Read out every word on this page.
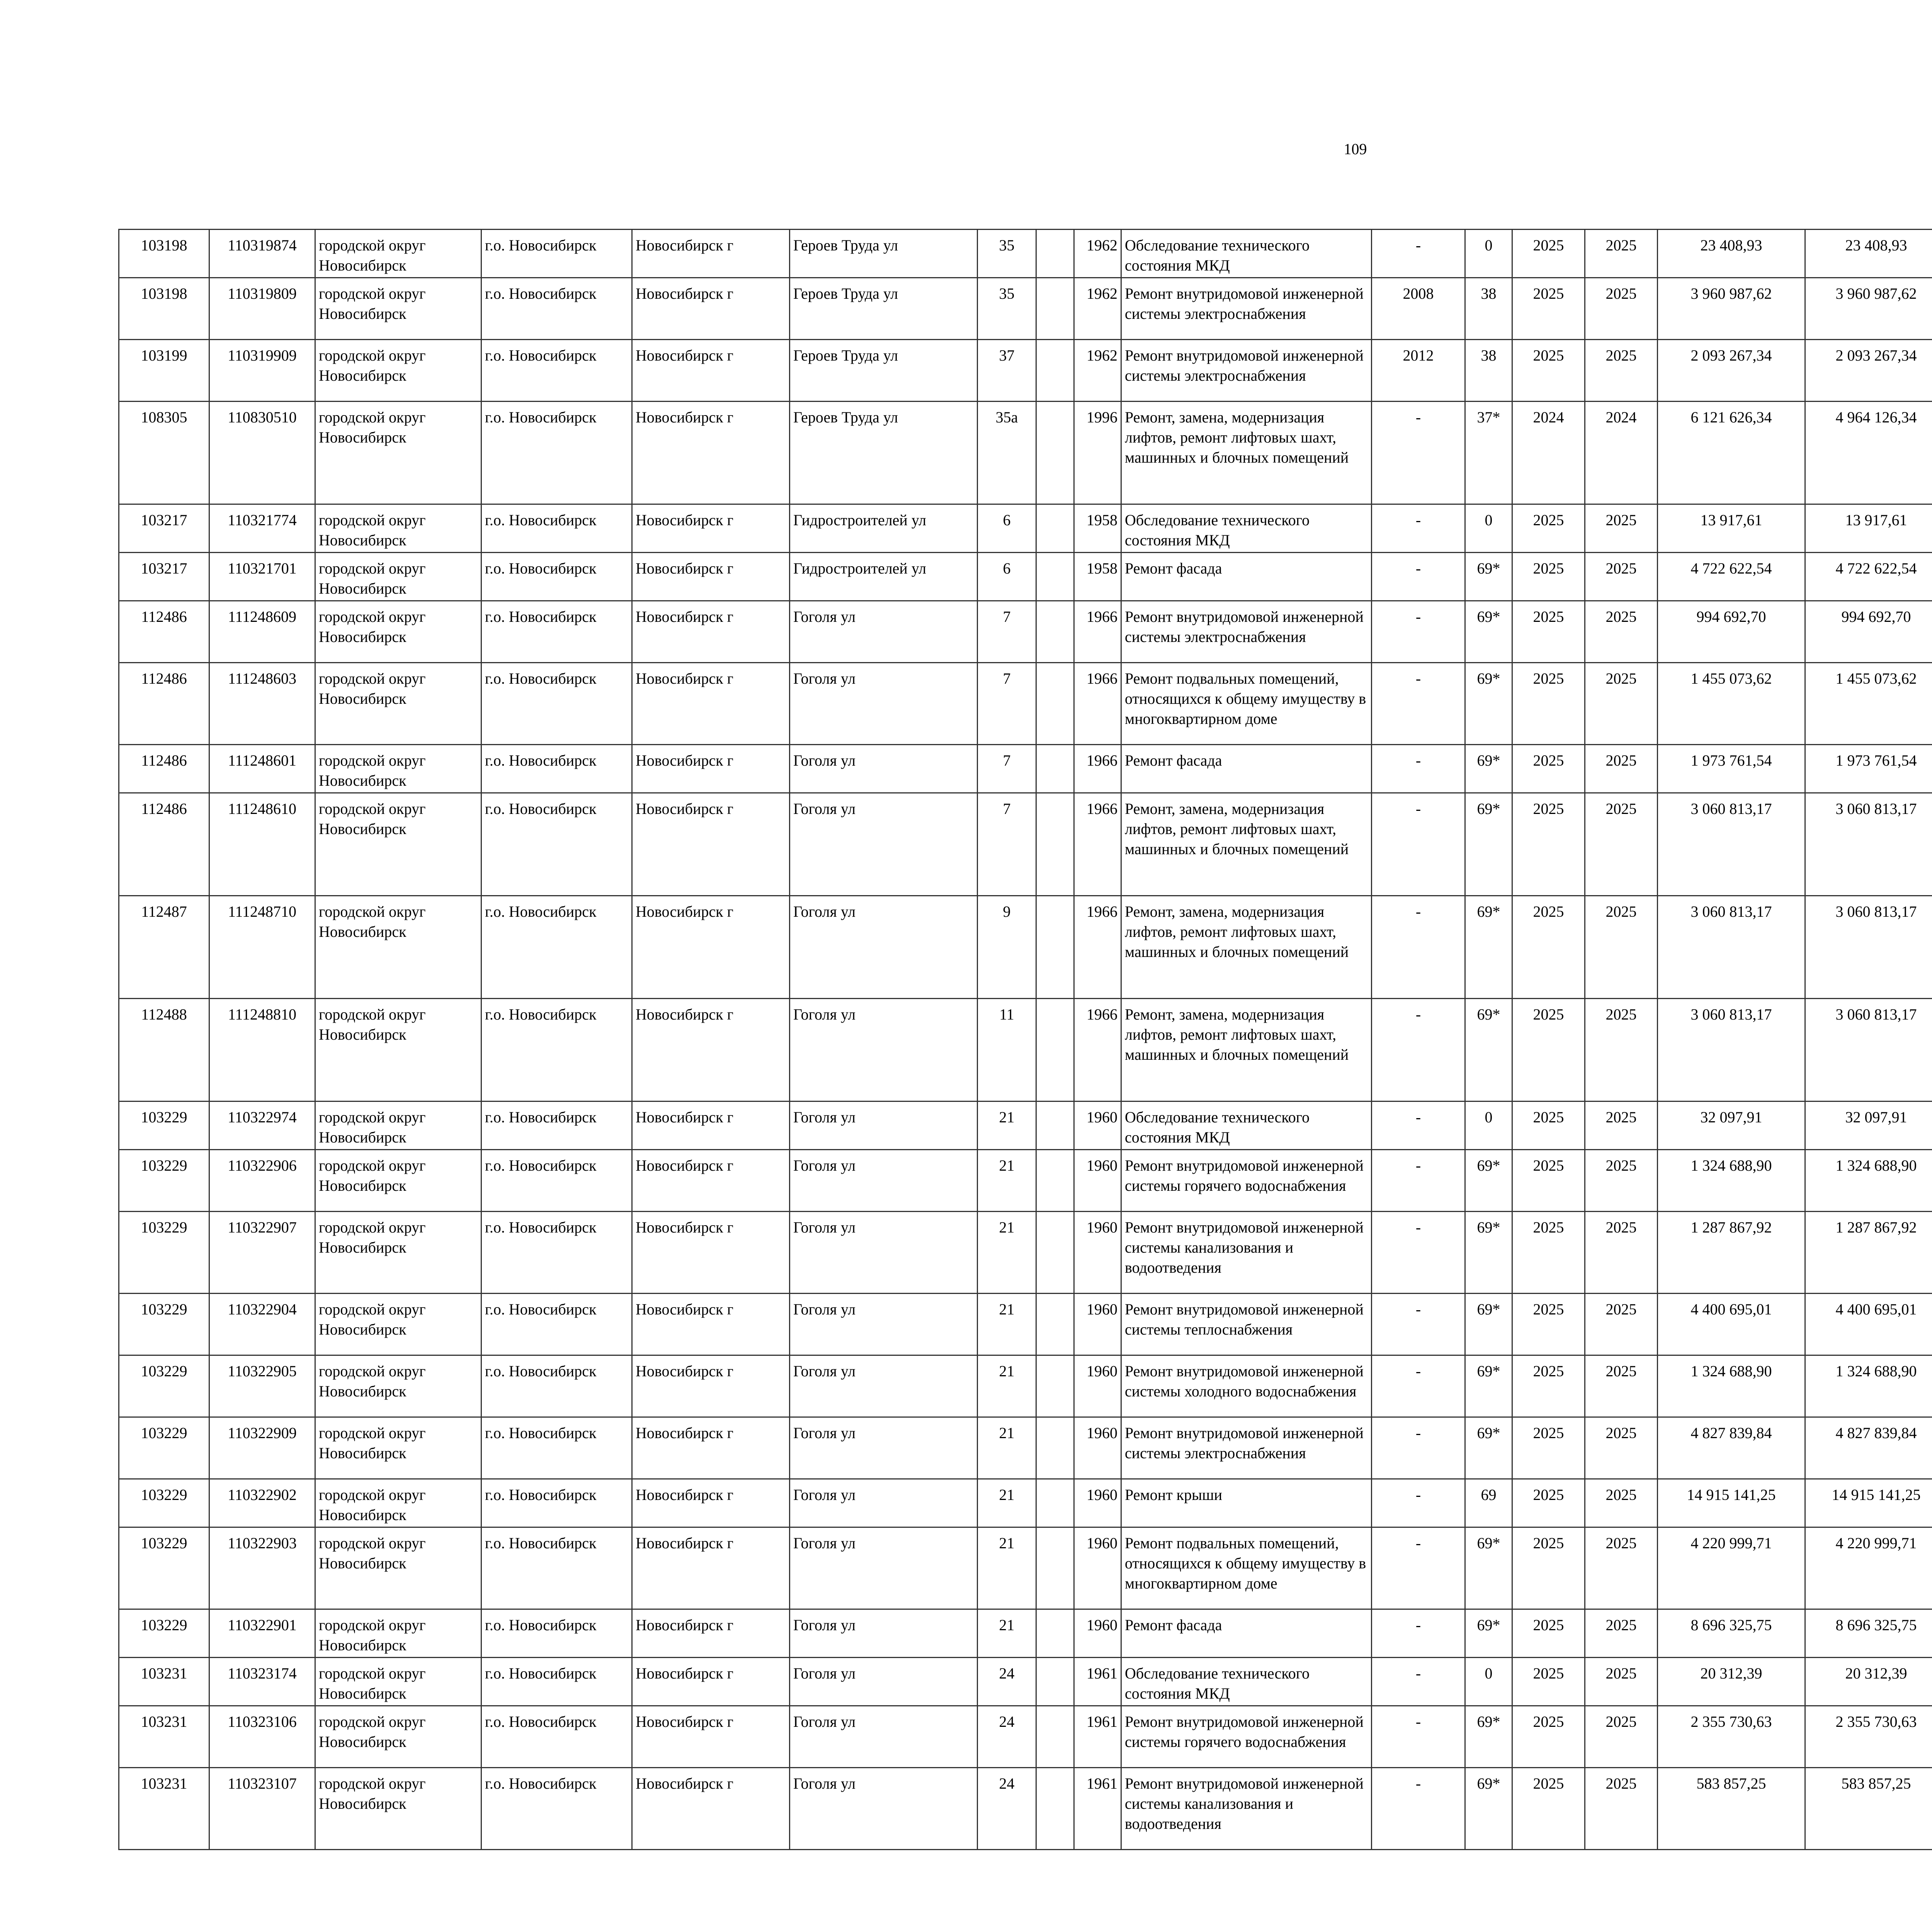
109
103198	110319874	городской округ Новосибирск	г.о. Новосибирск	Новосибирск г	Героев Труда ул	35		1962	Обследование технического состояния МКД	-	0	2025	2025	23 408,93	23 408,93						
103198	110319809	городской округ Новосибирск	г.о. Новосибирск	Новосибирск г	Героев Труда ул	35		1962	Ремонт внутридомовой инженерной системы электроснабжения	2008	38	2025	2025	3 960 987,62	3 960 987,62						
103199	110319909	городской округ Новосибирск	г.о. Новосибирск	Новосибирск г	Героев Труда ул	37		1962	Ремонт внутридомовой инженерной системы электроснабжения	2012	38	2025	2025	2 093 267,34	2 093 267,34						
108305	110830510	городской округ Новосибирск	г.о. Новосибирск	Новосибирск г	Героев Труда ул	35а		1996	Ремонт, замена, модернизация лифтов, ремонт лифтовых шахт, машинных и блочных помещений	-	37*	2024	2024	6 121 626,34	4 964 126,34						
103217	110321774	городской округ Новосибирск	г.о. Новосибирск	Новосибирск г	Гидростроителей ул	6		1958	Обследование технического состояния МКД	-	0	2025	2025	13 917,61	13 917,61						
103217	110321701	городской округ Новосибирск	г.о. Новосибирск	Новосибирск г	Гидростроителей ул	6		1958	Ремонт фасада	-	69*	2025	2025	4 722 622,54	4 722 622,54						
112486	111248609	городской округ Новосибирск	г.о. Новосибирск	Новосибирск г	Гоголя ул	7		1966	Ремонт внутридомовой инженерной системы электроснабжения	-	69*	2025	2025	994 692,70	994 692,70						
112486	111248603	городской округ Новосибирск	г.о. Новосибирск	Новосибирск г	Гоголя ул	7		1966	Ремонт подвальных помещений, относящихся к общему имуществу в многоквартирном доме	-	69*	2025	2025	1 455 073,62	1 455 073,62						
112486	111248601	городской округ Новосибирск	г.о. Новосибирск	Новосибирск г	Гоголя ул	7		1966	Ремонт фасада	-	69*	2025	2025	1 973 761,54	1 973 761,54						
112486	111248610	городской округ Новосибирск	г.о. Новосибирск	Новосибирск г	Гоголя ул	7		1966	Ремонт, замена, модернизация лифтов, ремонт лифтовых шахт, машинных и блочных помещений	-	69*	2025	2025	3 060 813,17	3 060 813,17						
112487	111248710	городской округ Новосибирск	г.о. Новосибирск	Новосибирск г	Гоголя ул	9		1966	Ремонт, замена, модернизация лифтов, ремонт лифтовых шахт, машинных и блочных помещений	-	69*	2025	2025	3 060 813,17	3 060 813,17						
112488	111248810	городской округ Новосибирск	г.о. Новосибирск	Новосибирск г	Гоголя ул	11		1966	Ремонт, замена, модернизация лифтов, ремонт лифтовых шахт, машинных и блочных помещений	-	69*	2025	2025	3 060 813,17	3 060 813,17						
103229	110322974	городской округ Новосибирск	г.о. Новосибирск	Новосибирск г	Гоголя ул	21		1960	Обследование технического состояния МКД	-	0	2025	2025	32 097,91	32 097,91						
103229	110322906	городской округ Новосибирск	г.о. Новосибирск	Новосибирск г	Гоголя ул	21		1960	Ремонт внутридомовой инженерной системы горячего водоснабжения	-	69*	2025	2025	1 324 688,90	1 324 688,90						
103229	110322907	городской округ Новосибирск	г.о. Новосибирск	Новосибирск г	Гоголя ул	21		1960	Ремонт внутридомовой инженерной системы канализования и водоотведения	-	69*	2025	2025	1 287 867,92	1 287 867,92						
103229	110322904	городской округ Новосибирск	г.о. Новосибирск	Новосибирск г	Гоголя ул	21		1960	Ремонт внутридомовой инженерной системы теплоснабжения	-	69*	2025	2025	4 400 695,01	4 400 695,01						
103229	110322905	городской округ Новосибирск	г.о. Новосибирск	Новосибирск г	Гоголя ул	21		1960	Ремонт внутридомовой инженерной системы холодного водоснабжения	-	69*	2025	2025	1 324 688,90	1 324 688,90						
103229	110322909	городской округ Новосибирск	г.о. Новосибирск	Новосибирск г	Гоголя ул	21		1960	Ремонт внутридомовой инженерной системы электроснабжения	-	69*	2025	2025	4 827 839,84	4 827 839,84						
103229	110322902	городской округ Новосибирск	г.о. Новосибирск	Новосибирск г	Гоголя ул	21		1960	Ремонт крыши	-	69	2025	2025	14 915 141,25	14 915 141,25						
103229	110322903	городской округ Новосибирск	г.о. Новосибирск	Новосибирск г	Гоголя ул	21		1960	Ремонт подвальных помещений, относящихся к общему имуществу в многоквартирном доме	-	69*	2025	2025	4 220 999,71	4 220 999,71						
103229	110322901	городской округ Новосибирск	г.о. Новосибирск	Новосибирск г	Гоголя ул	21		1960	Ремонт фасада	-	69*	2025	2025	8 696 325,75	8 696 325,75						
103231	110323174	городской округ Новосибирск	г.о. Новосибирск	Новосибирск г	Гоголя ул	24		1961	Обследование технического состояния МКД	-	0	2025	2025	20 312,39	20 312,39						
103231	110323106	городской округ Новосибирск	г.о. Новосибирск	Новосибирск г	Гоголя ул	24		1961	Ремонт внутридомовой инженерной системы горячего водоснабжения	-	69*	2025	2025	2 355 730,63	2 355 730,63						
103231	110323107	городской округ Новосибирск	г.о. Новосибирск	Новосибирск г	Гоголя ул	24		1961	Ремонт внутридомовой инженерной системы канализования и водоотведения	-	69*	2025	2025	583 857,25	583 857,25						
